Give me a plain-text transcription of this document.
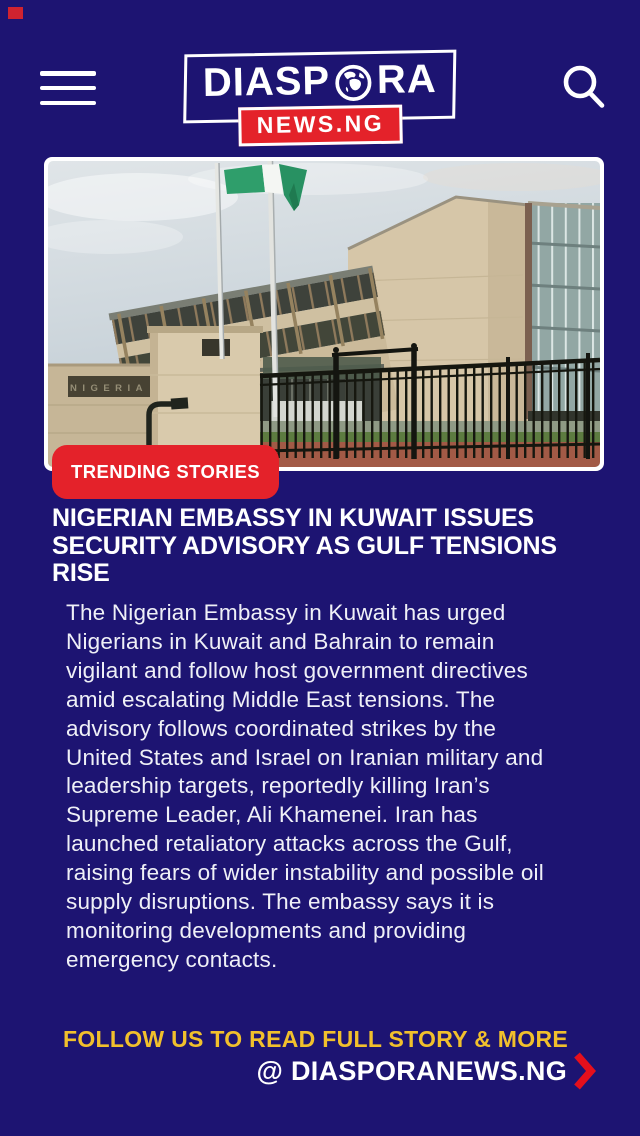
DIASP RA
NEWS.NG
NIGERIA
TRENDING STORIES
NIGERIAN EMBASSY IN KUWAIT ISSUES
SECURITY ADVISORY AS GULF TENSIONS
RISE

The Nigerian Embassy in Kuwait has urged Nigerians in Kuwait and Bahrain to remain vigilant and follow host government directives amid escalating Middle East tensions. The advisory follows coordinated strikes by the United States and Israel on Iranian military and leadership targets, reportedly killing Iran’s Supreme Leader, Ali Khamenei. Iran has launched retaliatory attacks across the Gulf, raising fears of wider instability and possible oil supply disruptions. The embassy says it is monitoring developments and providing emergency contacts.

FOLLOW US TO READ FULL STORY & MORE
@ DIASPORANEWS.NG
